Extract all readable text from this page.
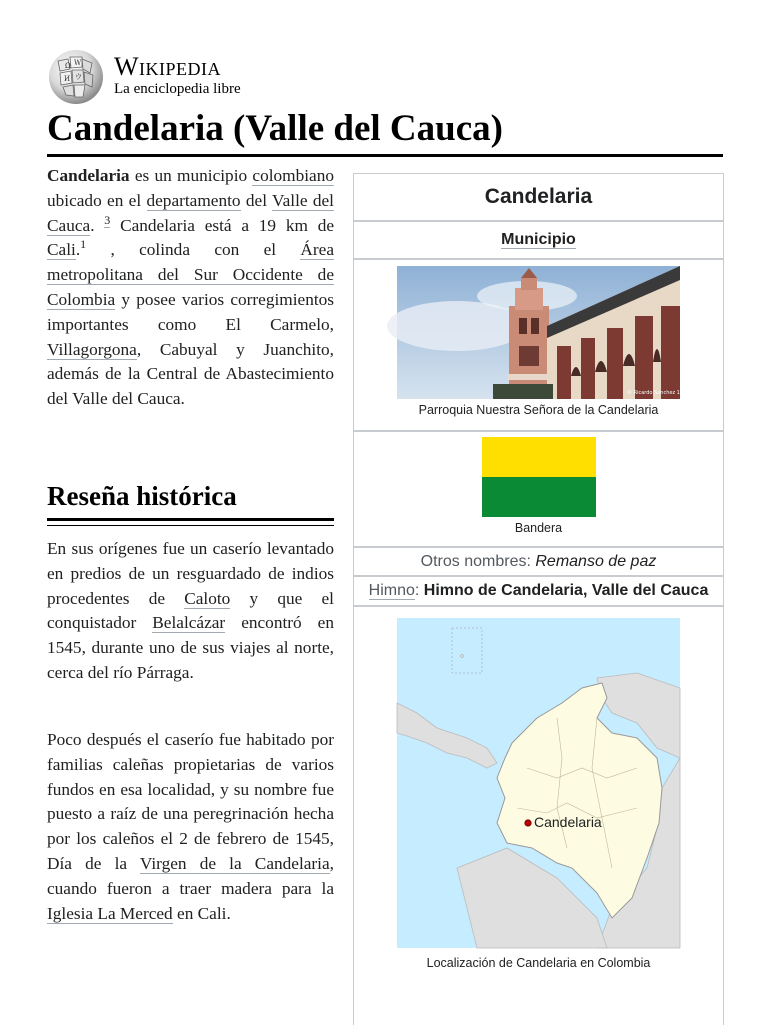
Ω W
И ウ Wikipedia
La enciclopedia libre
Candelaria (Valle del Cauca)

Candelaria es un municipio colombiano ubicado en el departamento del Valle del Cauca. $^3$ Candelaria está a 19 km de Cali.$^1$ , colinda con el Área metropolitana del Sur Occidente de Colombia y posee varios corregimientos importantes como El Carmelo, Villagorgona, Cabuyal y Juanchito, además de la Central de Abastecimiento del Valle del Cauca.

Reseña histórica

En sus orígenes fue un caserío levantado en predios de un resguardado de indios procedentes de Caloto y que el conquistador Belalcázar encontró en 1545, durante uno de sus viajes al norte, cerca del río Párraga.

Poco después el caserío fue habitado por familias caleñas propietarias de varios fundos en esa localidad, y su nombre fue puesto a raíz de una peregrinación hecha por los caleños el 2 de febrero de 1545, Día de la Virgen de la Candelaria, cuando fueron a traer madera para la Iglesia La Merced en Cali.

Candelaria
Municipio
© Ricardo Sanchez 17.08
Parroquia Nuestra Señora de la Candelaria
Bandera
Otros nombres: Remanso de paz
Himno: Himno de Candelaria, Valle del Cauca
Candelaria
Localización de Candelaria en Colombia
